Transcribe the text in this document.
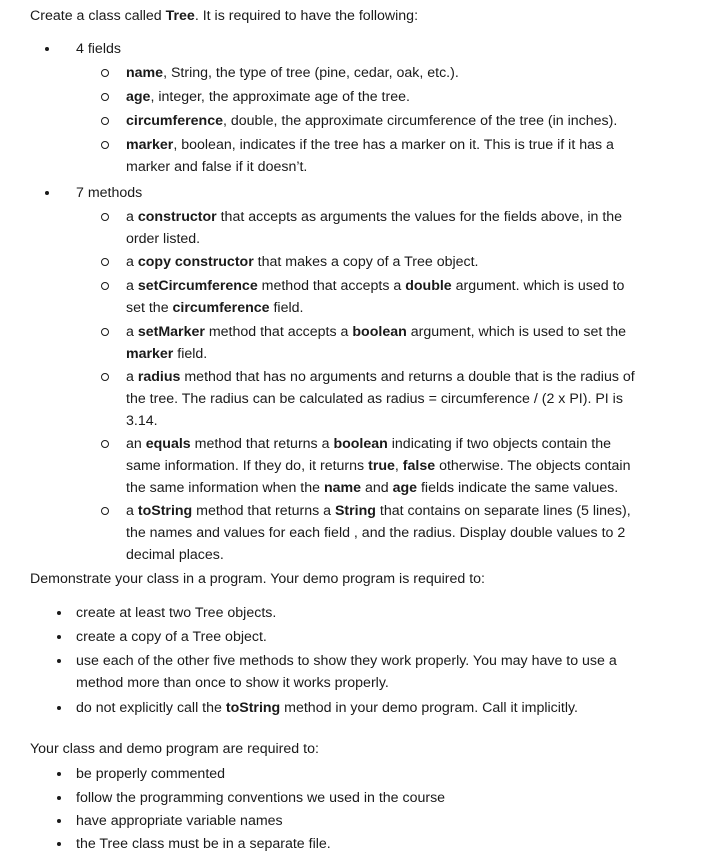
Create a class called Tree. It is required to have the following:
4 fields
name, String, the type of tree (pine, cedar, oak, etc.).
age, integer, the approximate age of the tree.
circumference, double, the approximate circumference of the tree (in inches).
marker, boolean, indicates if the tree has a marker on it. This is true if it has a
marker and false if it doesn’t.
7 methods
a constructor that accepts as arguments the values for the fields above, in the
order listed.
a copy constructor that makes a copy of a Tree object.
a setCircumference method that accepts a double argument. which is used to
set the circumference field.
a setMarker method that accepts a boolean argument, which is used to set the
marker field.
a radius method that has no arguments and returns a double that is the radius of
the tree. The radius can be calculated as radius = circumference / (2 x PI). PI is
3.14.
an equals method that returns a boolean indicating if two objects contain the
same information. If they do, it returns true, false otherwise. The objects contain
the same information when the name and age fields indicate the same values.
a toString method that returns a String that contains on separate lines (5 lines),
the names and values for each field , and the radius. Display double values to 2
decimal places.
Demonstrate your class in a program. Your demo program is required to:
create at least two Tree objects.
create a copy of a Tree object.
use each of the other five methods to show they work properly. You may have to use a
method more than once to show it works properly.
do not explicitly call the toString method in your demo program. Call it implicitly.
Your class and demo program are required to:
be properly commented
follow the programming conventions we used in the course
have appropriate variable names
the Tree class must be in a separate file.
